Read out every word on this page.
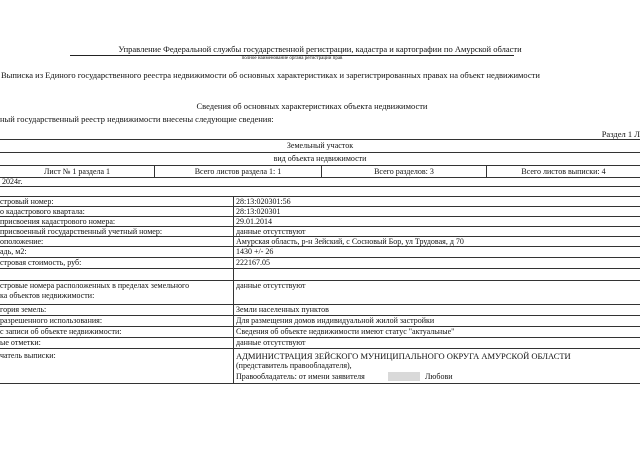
Управление Федеральной службы государственной регистрации, кадастра и картографии по Амурской области
полное наименование органа регистрации прав
Выписка из Единого государственного реестра недвижимости об основных характеристиках и зарегистрированных правах на объект недвижимости
Сведения об основных характеристиках объекта недвижимости
ный государственный реестр недвижимости внесены следующие сведения:
Раздел 1 Л
Земельный участок
вид объекта недвижимости
Лист № 1 раздела 1	Всего листов раздела 1: 1	Всего разделов: 3	Всего листов выписки: 4
2024г.
стровый номер:	28:13:020301:56
о кадастрового квартала:	28:13:020301
присвоения кадастрового номера:	29.01.2014
присвоенный государственный учетный номер:	данные отсутствуют
оположение:	Амурская область, р-н Зейский, с Сосновый Бор, ул Трудовая, д 70
адь, м2:	1430 +/- 26
стровая стоимость, руб:	222167.05
стровые номера расположенных в пределах земельного
ка объектов недвижимости:
данные отсутствуют
гория земель:	Земли населенных пунктов
разрешенного использования:	Для размещения домов индивидуальной жилой застройки
с записи об объекте недвижимости:	Сведения об объекте недвижимости имеют статус "актуальные"
ые отметки:	данные отсутствуют
чатель выписки:	АДМИНИСТРАЦИЯ ЗЕЙСКОГО МУНИЦИПАЛЬНОГО ОКРУГА АМУРСКОЙ ОБЛАСТИ
(представитель правообладателя),
Правообладатель: от имени заявителя	Любови
